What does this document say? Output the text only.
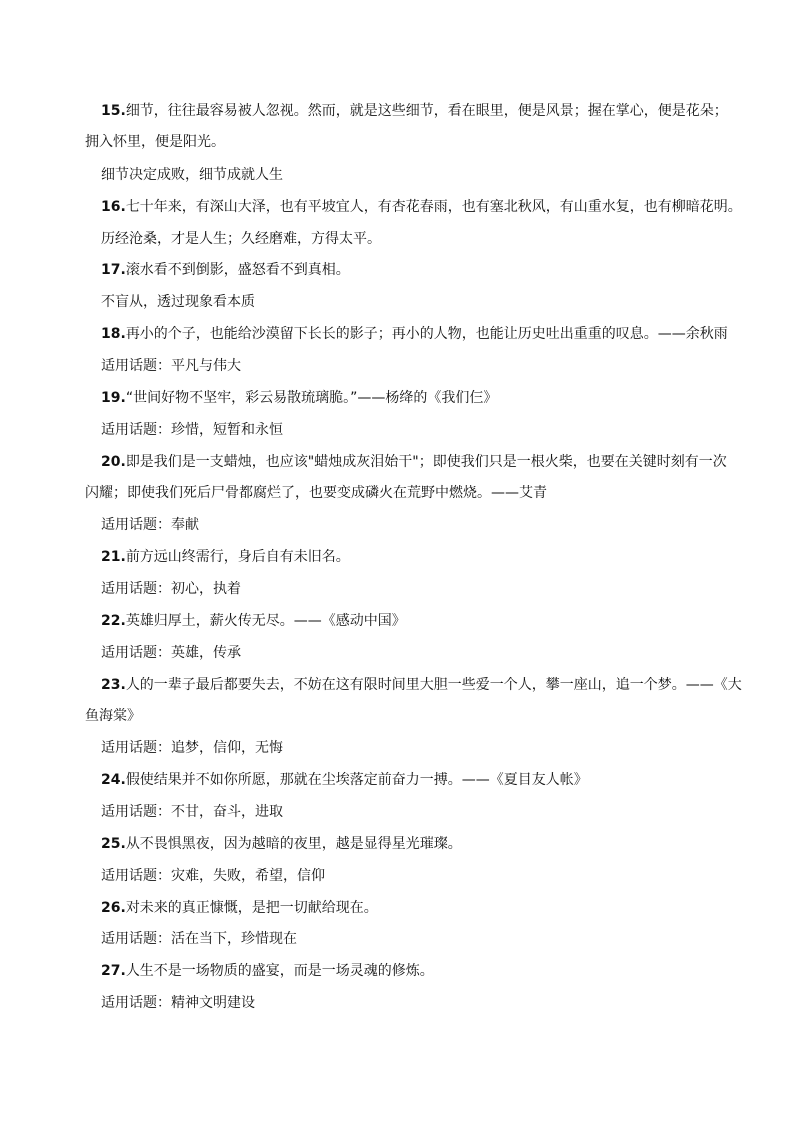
15.细节，往往最容易被人忽视。然而，就是这些细节，看在眼里，便是风景；握在掌心，便是花朵；
拥入怀里，便是阳光。
细节决定成败，细节成就人生
16.七十年来，有深山大泽，也有平坡宜人，有杏花春雨，也有塞北秋风，有山重水复，也有柳暗花明。
历经沧桑，才是人生；久经磨难，方得太平。
17.滚水看不到倒影，盛怒看不到真相。
不盲从，透过现象看本质
18.再小的个子，也能给沙漠留下长长的影子；再小的人物，也能让历史吐出重重的叹息。——余秋雨
适用话题：平凡与伟大
19.“世间好物不坚牢，彩云易散琉璃脆。”——杨绛的《我们仨》
适用话题：珍惜，短暂和永恒
20.即是我们是一支蜡烛，也应该"蜡烛成灰泪始干"；即使我们只是一根火柴，也要在关键时刻有一次
闪耀；即使我们死后尸骨都腐烂了，也要变成磷火在荒野中燃烧。——艾青
适用话题：奉献
21.前方远山终需行，身后自有未旧名。
适用话题：初心，执着
22.英雄归厚土，薪火传无尽。——《感动中国》
适用话题：英雄，传承
23.人的一辈子最后都要失去，不妨在这有限时间里大胆一些爱一个人，攀一座山，追一个梦。——《大
鱼海棠》
适用话题：追梦，信仰，无悔
24.假使结果并不如你所愿，那就在尘埃落定前奋力一搏。——《夏目友人帐》
适用话题：不甘，奋斗，进取
25.从不畏惧黑夜，因为越暗的夜里，越是显得星光璀璨。
适用话题：灾难，失败，希望，信仰
26.对未来的真正慷慨，是把一切献给现在。
适用话题：活在当下，珍惜现在
27.人生不是一场物质的盛宴，而是一场灵魂的修炼。
适用话题：精神文明建设
